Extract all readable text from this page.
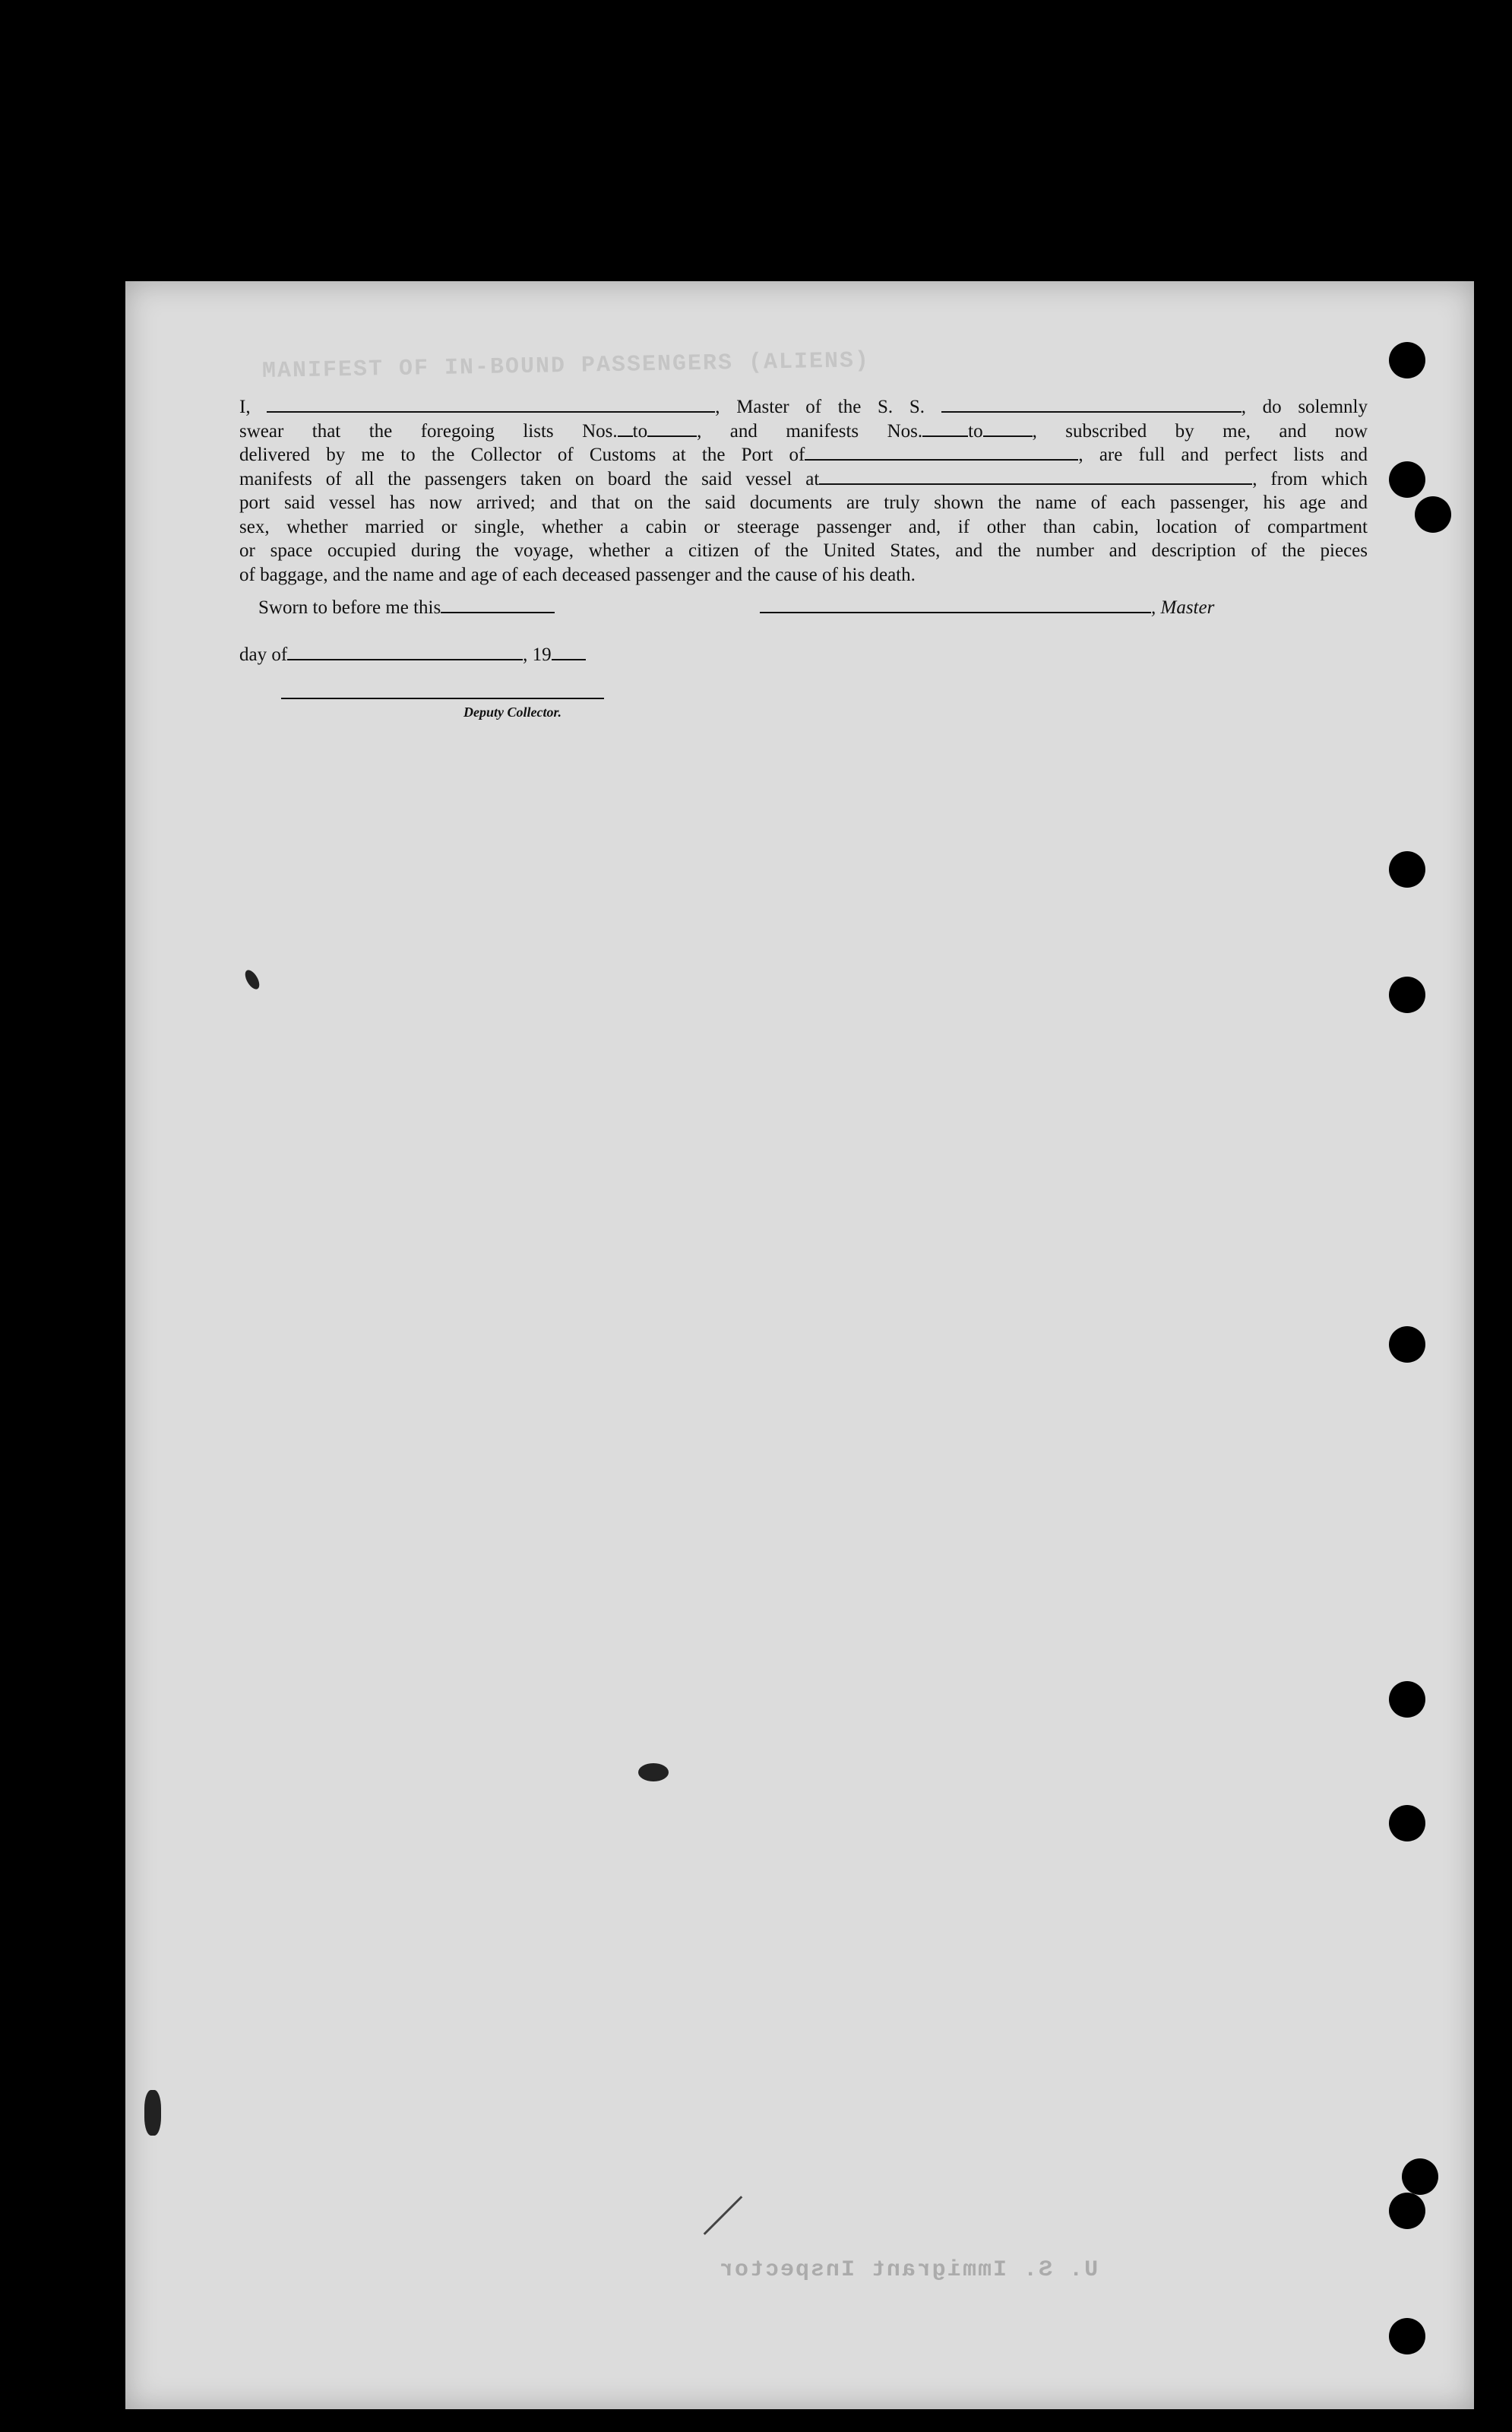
MANIFEST OF IN-BOUND PASSENGERS (ALIENS)
I,	, Master of the S. S.	, do solemnly
swear that the foregoing lists Nos. to	, and manifests Nos. to	, subscribed by me, and now
delivered by me to the Collector of Customs at the Port of	, are full and perfect lists and
manifests of all the passengers taken on board the said vessel at	, from which
port said vessel has now arrived; and that on the said documents are truly shown the name of each passenger, his age and
sex, whether married or single, whether a cabin or steerage passenger and, if other than cabin, location of compartment
or space occupied during the voyage, whether a citizen of the United States, and the number and description of the pieces
of baggage, and the name and age of each deceased passenger and the cause of his death.
Sworn to before me this	, Master
day of	, 19
Deputy Collector.
U. S. Immigrant Inspector
